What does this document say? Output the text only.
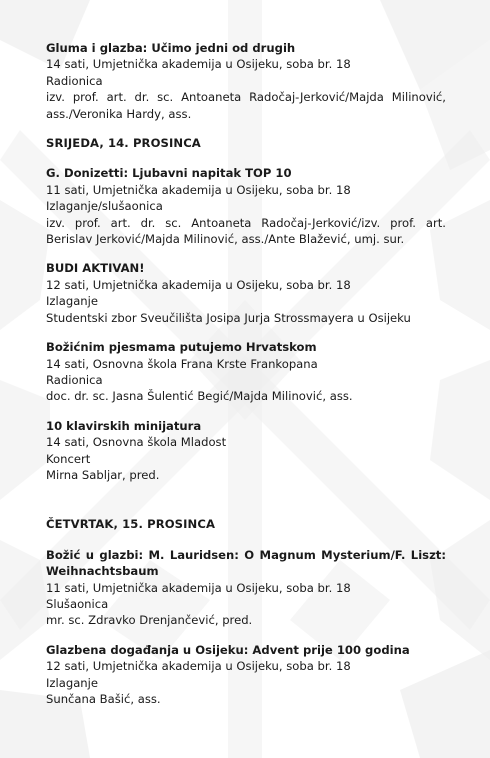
Gluma i glazba: Učimo jedni od drugih
14 sati, Umjetnička akademija u Osijeku, soba br. 18
Radionica
izv. prof. art. dr. sc. Antoaneta Radočaj-Jerković/Majda Milinović, ass./Veronika Hardy, ass.
SRIJEDA, 14. PROSINCA
G. Donizetti: Ljubavni napitak TOP 10
11 sati, Umjetnička akademija u Osijeku, soba br. 18
Izlaganje/slušaonica
izv. prof. art. dr. sc. Antoaneta Radočaj-Jerković/izv. prof. art. Berislav Jerković/Majda Milinović, ass./Ante Blažević, umj. sur.
BUDI AKTIVAN!
12 sati, Umjetnička akademija u Osijeku, soba br. 18
Izlaganje
Studentski zbor Sveučilišta Josipa Jurja Strossmayera u Osijeku
Božićnim pjesmama putujemo Hrvatskom
14 sati, Osnovna škola Frana Krste Frankopana
Radionica
doc. dr. sc. Jasna Šulentić Begić/Majda Milinović, ass.
10 klavirskih minijatura
14 sati, Osnovna škola Mladost
Koncert
Mirna Sabljar, pred.
ČETVRTAK, 15. PROSINCA
Božić u glazbi: M. Lauridsen: O Magnum Mysterium/F. Liszt: Weihnachtsbaum
11 sati, Umjetnička akademija u Osijeku, soba br. 18
Slušaonica
mr. sc. Zdravko Drenjančević, pred.
Glazbena događanja u Osijeku: Advent prije 100 godina
12 sati, Umjetnička akademija u Osijeku, soba br. 18
Izlaganje
Sunčana Bašić, ass.
